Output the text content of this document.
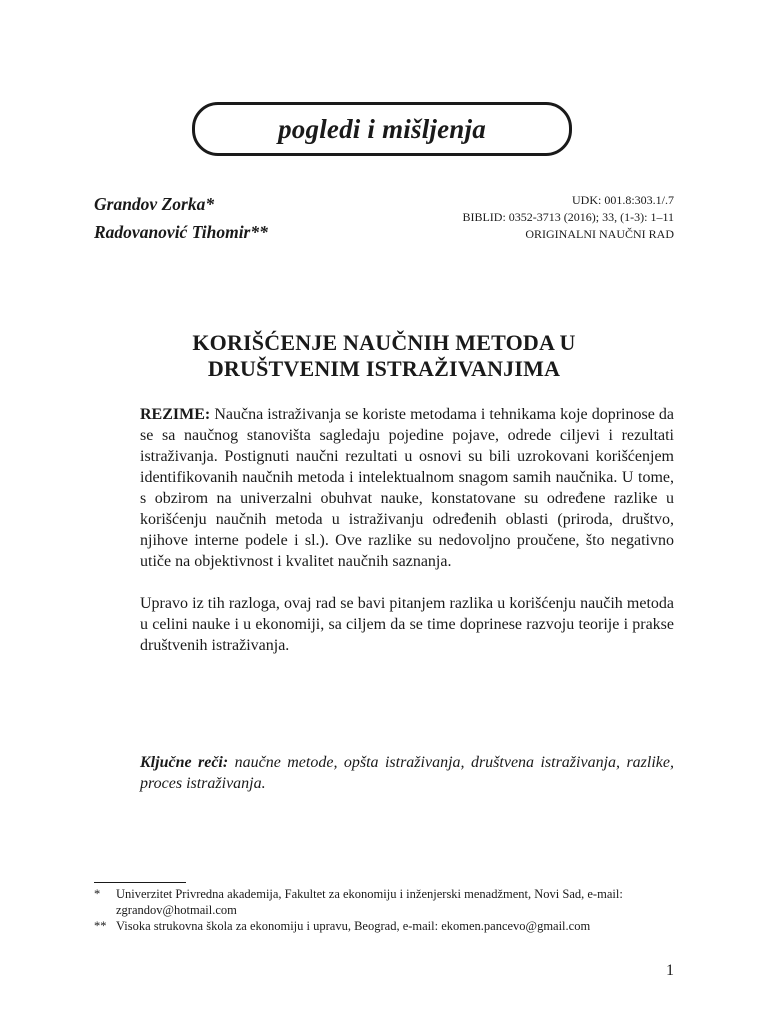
pogledi i mišljenja
Grandov Zorka*
Radovanović Tihomir**
UDK: 001.8:303.1/.7
BIBLID: 0352-3713 (2016); 33, (1-3): 1–11
ORIGINALNI NAUČNI RAD
KORIŠĆENJE NAUČNIH METODA U
DRUŠTVENIM ISTRAŽIVANJIMA

REZIME: Naučna istraživanja se koriste metodama i tehnikama koje doprinose da se sa naučnog stanovišta sagledaju pojedine pojave, odrede ciljevi i rezultati istraživanja. Postignuti naučni rezultati u osnovi su bili uzrokovani korišćenjem identifikovanih naučnih metoda i intelektualnom snagom samih naučnika. U tome, s obzirom na univerzalni obuhvat nauke, konstatovane su određene razlike u korišćenju naučnih metoda u istraživanju određenih oblasti (priroda, društvo, njihove interne podele i sl.). Ove razlike su nedovoljno proučene, što negativno utiče na objektivnost i kvalitet naučnih saznanja.

Upravo iz tih razloga, ovaj rad se bavi pitanjem razlika u korišćenju naučih metoda u celini nauke i u ekonomiji, sa ciljem da se time doprinese razvoju teorije i prakse društvenih istraživanja.

Ključne reči: naučne metode, opšta istraživanja, društvena istraživanja, razlike, proces istraživanja.
*	Univerzitet Privredna akademija, Fakultet za ekonomiju i inženjerski menadžment, Novi Sad, e-mail: zgrandov@hotmail.com
** Visoka strukovna škola za ekonomiju i upravu, Beograd, e-mail: ekomen.pancevo@gmail.com
1
